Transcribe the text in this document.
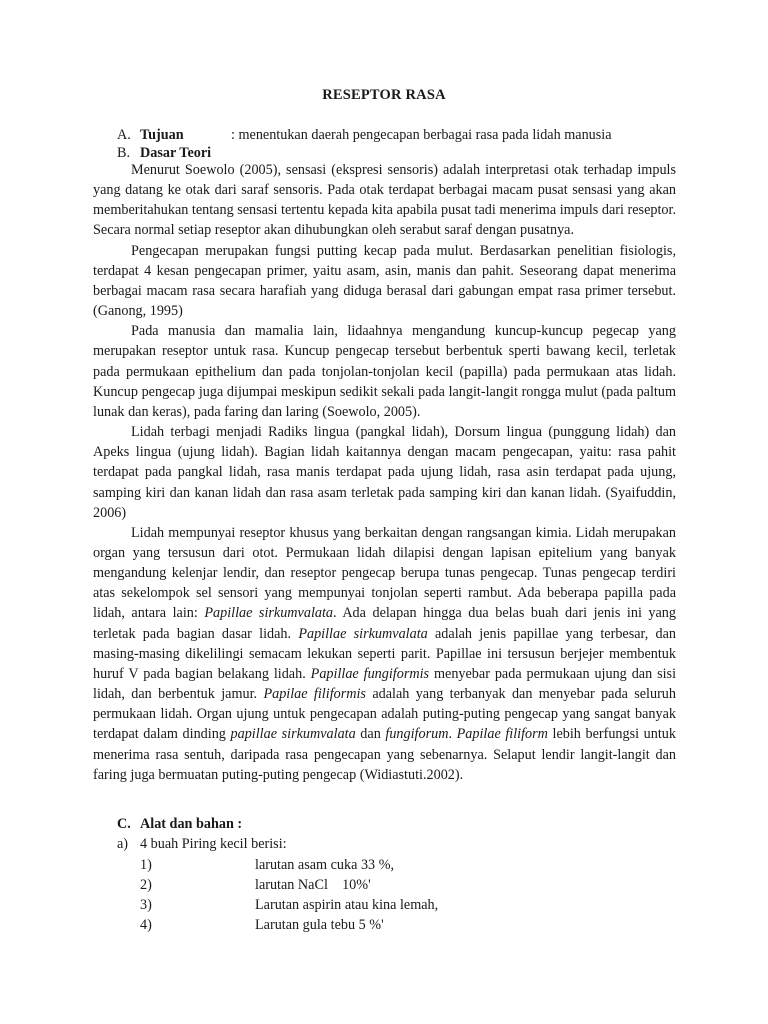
RESEPTOR RASA
A. Tujuan	: menentukan daerah pengecapan berbagai rasa pada lidah manusia
B. Dasar Teori

Menurut Soewolo (2005), sensasi (ekspresi sensoris) adalah interpretasi otak terhadap impuls yang datang ke otak dari saraf sensoris. Pada otak terdapat berbagai macam pusat sensasi yang akan memberitahukan tentang sensasi tertentu kepada kita apabila pusat tadi menerima impuls dari reseptor. Secara normal setiap reseptor akan dihubungkan oleh serabut saraf dengan pusatnya.

Pengecapan merupakan fungsi putting kecap pada mulut. Berdasarkan penelitian fisiologis, terdapat 4 kesan pengecapan primer, yaitu asam, asin, manis dan pahit. Seseorang dapat menerima berbagai macam rasa secara harafiah yang diduga berasal dari gabungan empat rasa primer tersebut. (Ganong, 1995)

Pada manusia dan mamalia lain, lidaahnya mengandung kuncup-kuncup pegecap yang merupakan reseptor untuk rasa. Kuncup pengecap tersebut berbentuk sperti bawang kecil, terletak pada permukaan epithelium dan pada tonjolan-tonjolan kecil (papilla) pada permukaan atas lidah. Kuncup pengecap juga dijumpai meskipun sedikit sekali pada langit-langit rongga mulut (pada paltum lunak dan keras), pada faring dan laring (Soewolo, 2005).

Lidah terbagi menjadi Radiks lingua (pangkal lidah), Dorsum lingua (punggung lidah) dan Apeks lingua (ujung lidah). Bagian lidah kaitannya dengan macam pengecapan, yaitu: rasa pahit terdapat pada pangkal lidah, rasa manis terdapat pada ujung lidah, rasa asin terdapat pada ujung, samping kiri dan kanan lidah dan rasa asam terletak pada samping kiri dan kanan lidah. (Syaifuddin, 2006)

Lidah mempunyai reseptor khusus yang berkaitan dengan rangsangan kimia. Lidah merupakan organ yang tersusun dari otot. Permukaan lidah dilapisi dengan lapisan epitelium yang banyak mengandung kelenjar lendir, dan reseptor pengecap berupa tunas pengecap. Tunas pengecap terdiri atas sekelompok sel sensori yang mempunyai tonjolan seperti rambut. Ada beberapa papilla pada lidah, antara lain: Papillae sirkumvalata. Ada delapan hingga dua belas buah dari jenis ini yang terletak pada bagian dasar lidah. Papillae sirkumvalata adalah jenis papillae yang terbesar, dan masing-masing dikelilingi semacam lekukan seperti parit. Papillae ini tersusun berjejer membentuk huruf V pada bagian belakang lidah. Papillae fungiformis menyebar pada permukaan ujung dan sisi lidah, dan berbentuk jamur. Papilae filiformis adalah yang terbanyak dan menyebar pada seluruh permukaan lidah. Organ ujung untuk pengecapan adalah puting-puting pengecap yang sangat banyak terdapat dalam dinding papillae sirkumvalata dan fungiforum. Papilae filiform lebih berfungsi untuk menerima rasa sentuh, daripada rasa pengecapan yang sebenarnya. Selaput lendir langit-langit dan faring juga bermuatan puting-puting pengecap (Widiastuti.2002).

C. Alat dan bahan :
a) 4 buah Piring kecil berisi:
1)	larutan asam cuka 33 %,
2)	larutan NaCl    10%'
3)	Larutan aspirin atau kina lemah,
4)	Larutan gula tebu 5 %'
